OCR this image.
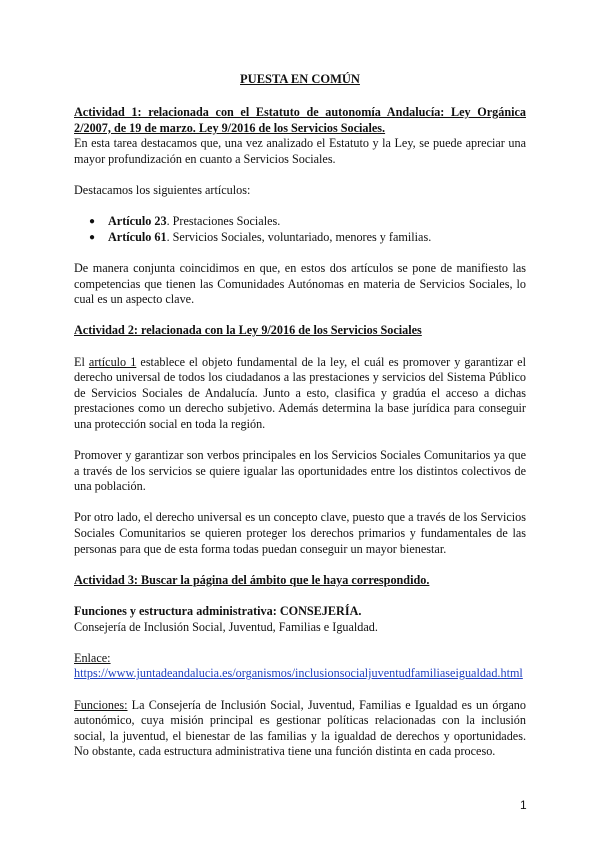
PUESTA EN COMÚN

Actividad 1: relacionada con el Estatuto de autonomía Andalucía: Ley Orgánica 2/2007, de 19 de marzo. Ley 9/2016 de los Servicios Sociales.

En esta tarea destacamos que, una vez analizado el Estatuto y la Ley, se puede apreciar una mayor profundización en cuanto a Servicios Sociales.

Destacamos los siguientes artículos:

● Artículo 23. Prestaciones Sociales.
● Artículo 61. Servicios Sociales, voluntariado, menores y familias.

De manera conjunta coincidimos en que, en estos dos artículos se pone de manifiesto las competencias que tienen las Comunidades Autónomas en materia de Servicios Sociales, lo cual es un aspecto clave.

Actividad 2: relacionada con la Ley 9/2016 de los Servicios Sociales

El artículo 1 establece el objeto fundamental de la ley, el cuál es promover y garantizar el derecho universal de todos los ciudadanos a las prestaciones y servicios del Sistema Público de Servicios Sociales de Andalucía. Junto a esto, clasifica y gradúa el acceso a dichas prestaciones como un derecho subjetivo. Además determina la base jurídica para conseguir una protección social en toda la región.

Promover y garantizar son verbos principales en los Servicios Sociales Comunitarios ya que a través de los servicios se quiere igualar las oportunidades entre los distintos colectivos de una población.

Por otro lado, el derecho universal es un concepto clave, puesto que a través de los Servicios Sociales Comunitarios se quieren proteger los derechos primarios y fundamentales de las personas para que de esta forma todas puedan conseguir un mayor bienestar.

Actividad 3: Buscar la página del ámbito que le haya correspondido.

Funciones y estructura administrativa: CONSEJERÍA.

Consejería de Inclusión Social, Juventud, Familias e Igualdad.

Enlace:

https://www.juntadeandalucia.es/organismos/inclusionsocialjuventudfamiliaseigualdad.html

Funciones: La Consejería de Inclusión Social, Juventud, Familias e Igualdad es un órgano autonómico, cuya misión principal es gestionar políticas relacionadas con la inclusión social, la juventud, el bienestar de las familias y la igualdad de derechos y oportunidades. No obstante, cada estructura administrativa tiene una función distinta en cada proceso.

1
